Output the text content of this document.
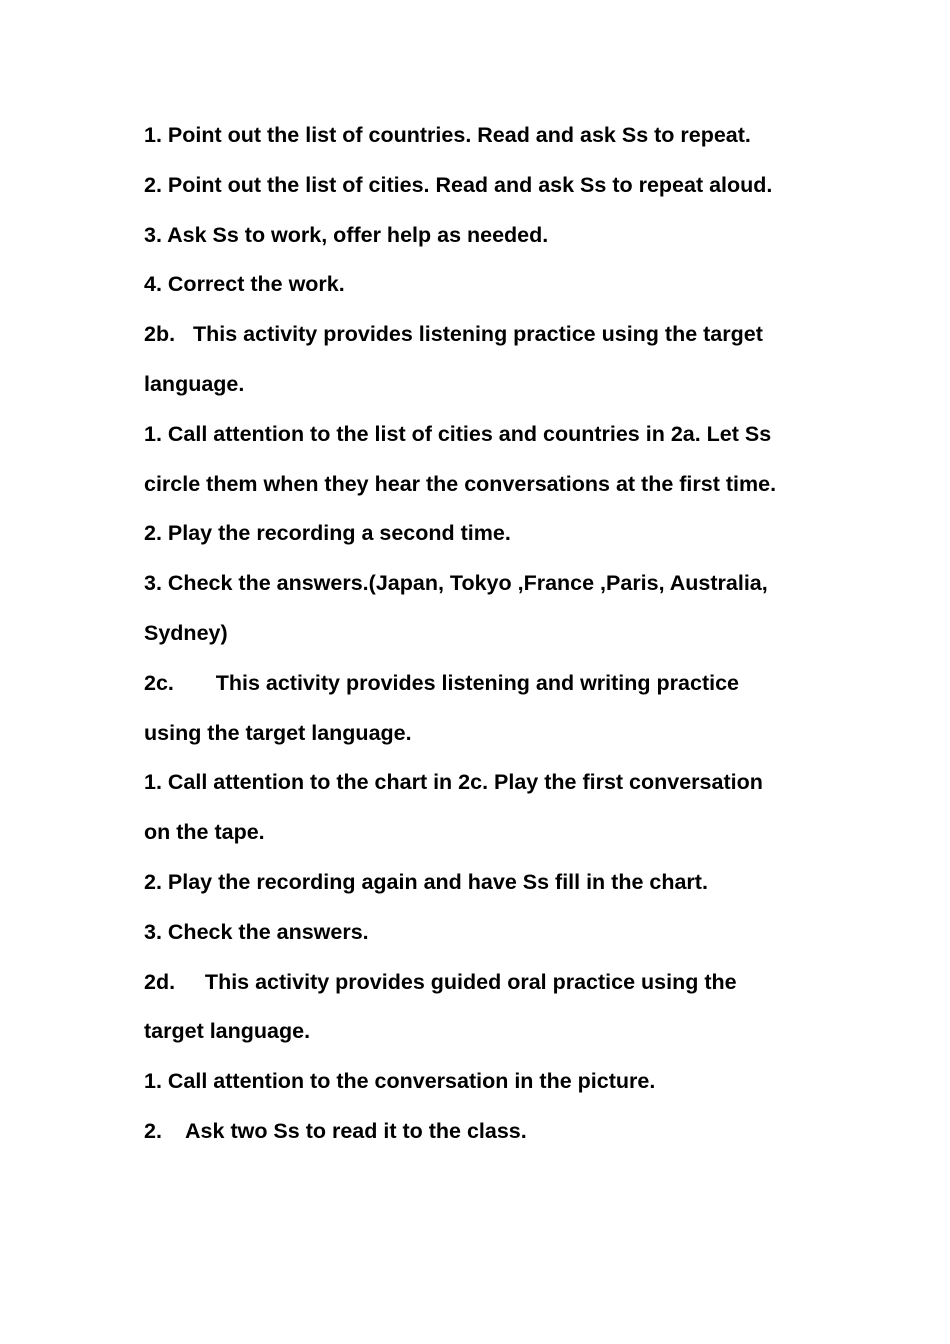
1. Point out the list of countries. Read and ask Ss to repeat.

2. Point out the list of cities. Read and ask Ss to repeat aloud.

3. Ask Ss to work, offer help as needed.

4. Correct the work.

2b.   This activity provides listening practice using the target

language.

1. Call attention to the list of cities and countries in 2a. Let Ss

circle them when they hear the conversations at the first time.

2. Play the recording a second time.

3. Check the answers.(Japan, Tokyo ,France ,Paris, Australia,

Sydney)

2c.       This activity provides listening and writing practice

using the target language.

1. Call attention to the chart in 2c. Play the first conversation

on the tape.

2. Play the recording again and have Ss fill in the chart.

3. Check the answers.

2d.     This activity provides guided oral practice using the

target language.

1. Call attention to the conversation in the picture.

2.    Ask two Ss to read it to the class.
